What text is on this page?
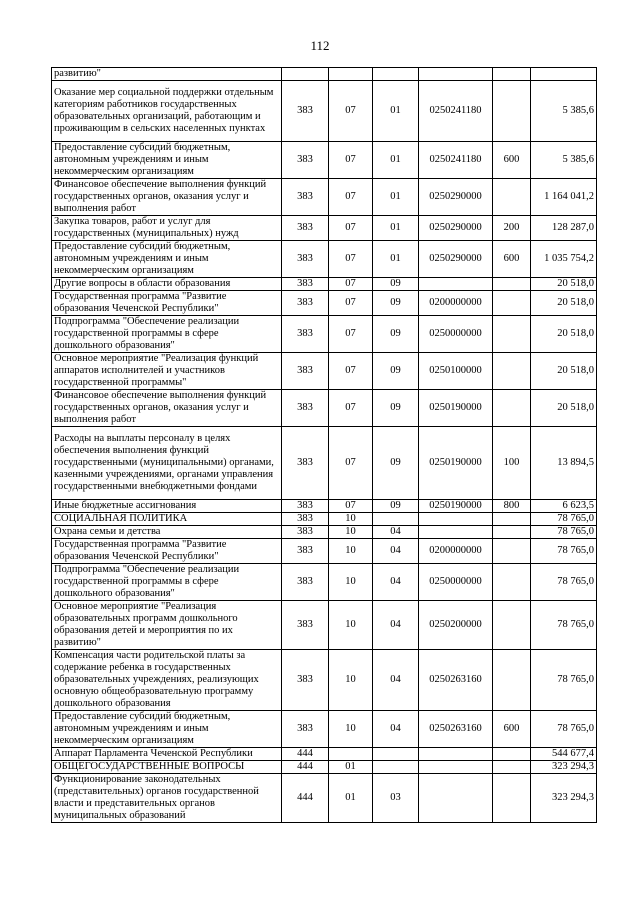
112
развитию"						
Оказание мер социальной поддержки отдельным категориям работников государственных образовательных организаций, работающим и проживающим в сельских населенных пунктах	383	07	01	0250241180		5 385,6
Предоставление субсидий бюджетным, автономным учреждениям и иным некоммерческим организациям	383	07	01	0250241180	600	5 385,6
Финансовое обеспечение выполнения функций государственных органов, оказания услуг и выполнения работ	383	07	01	0250290000		1 164 041,2
Закупка товаров, работ и услуг для государственных (муниципальных) нужд	383	07	01	0250290000	200	128 287,0
Предоставление субсидий бюджетным, автономным учреждениям и иным некоммерческим организациям	383	07	01	0250290000	600	1 035 754,2
Другие вопросы в области образования	383	07	09			20 518,0
Государственная программа "Развитие образования Чеченской Республики"	383	07	09	0200000000		20 518,0
Подпрограмма "Обеспечение реализации государственной программы в сфере дошкольного образования"	383	07	09	0250000000		20 518,0
Основное мероприятие "Реализация функций аппаратов исполнителей и участников государственной программы"	383	07	09	0250100000		20 518,0
Финансовое обеспечение выполнения функций государственных органов, оказания услуг и выполнения работ	383	07	09	0250190000		20 518,0
Расходы на выплаты персоналу в целях обеспечения выполнения функций государственными (муниципальными) органами, казенными учреждениями, органами управления государственными внебюджетными фондами	383	07	09	0250190000	100	13 894,5
Иные бюджетные ассигнования	383	07	09	0250190000	800	6 623,5
СОЦИАЛЬНАЯ ПОЛИТИКА	383	10				78 765,0
Охрана семьи и детства	383	10	04			78 765,0
Государственная программа "Развитие образования Чеченской Республики"	383	10	04	0200000000		78 765,0
Подпрограмма "Обеспечение реализации государственной программы в сфере дошкольного образования"	383	10	04	0250000000		78 765,0
Основное мероприятие "Реализация образовательных программ дошкольного образования детей и мероприятия по их развитию"	383	10	04	0250200000		78 765,0
Компенсация части родительской платы за содержание ребенка в государственных образовательных учреждениях, реализующих основную общеобразовательную программу дошкольного образования	383	10	04	0250263160		78 765,0
Предоставление субсидий бюджетным, автономным учреждениям и иным некоммерческим организациям	383	10	04	0250263160	600	78 765,0
Аппарат Парламента Чеченской Республики	444					544 677,4
ОБЩЕГОСУДАРСТВЕННЫЕ ВОПРОСЫ	444	01				323 294,3
Функционирование законодательных (представительных) органов государственной власти и представительных органов муниципальных образований	444	01	03			323 294,3
